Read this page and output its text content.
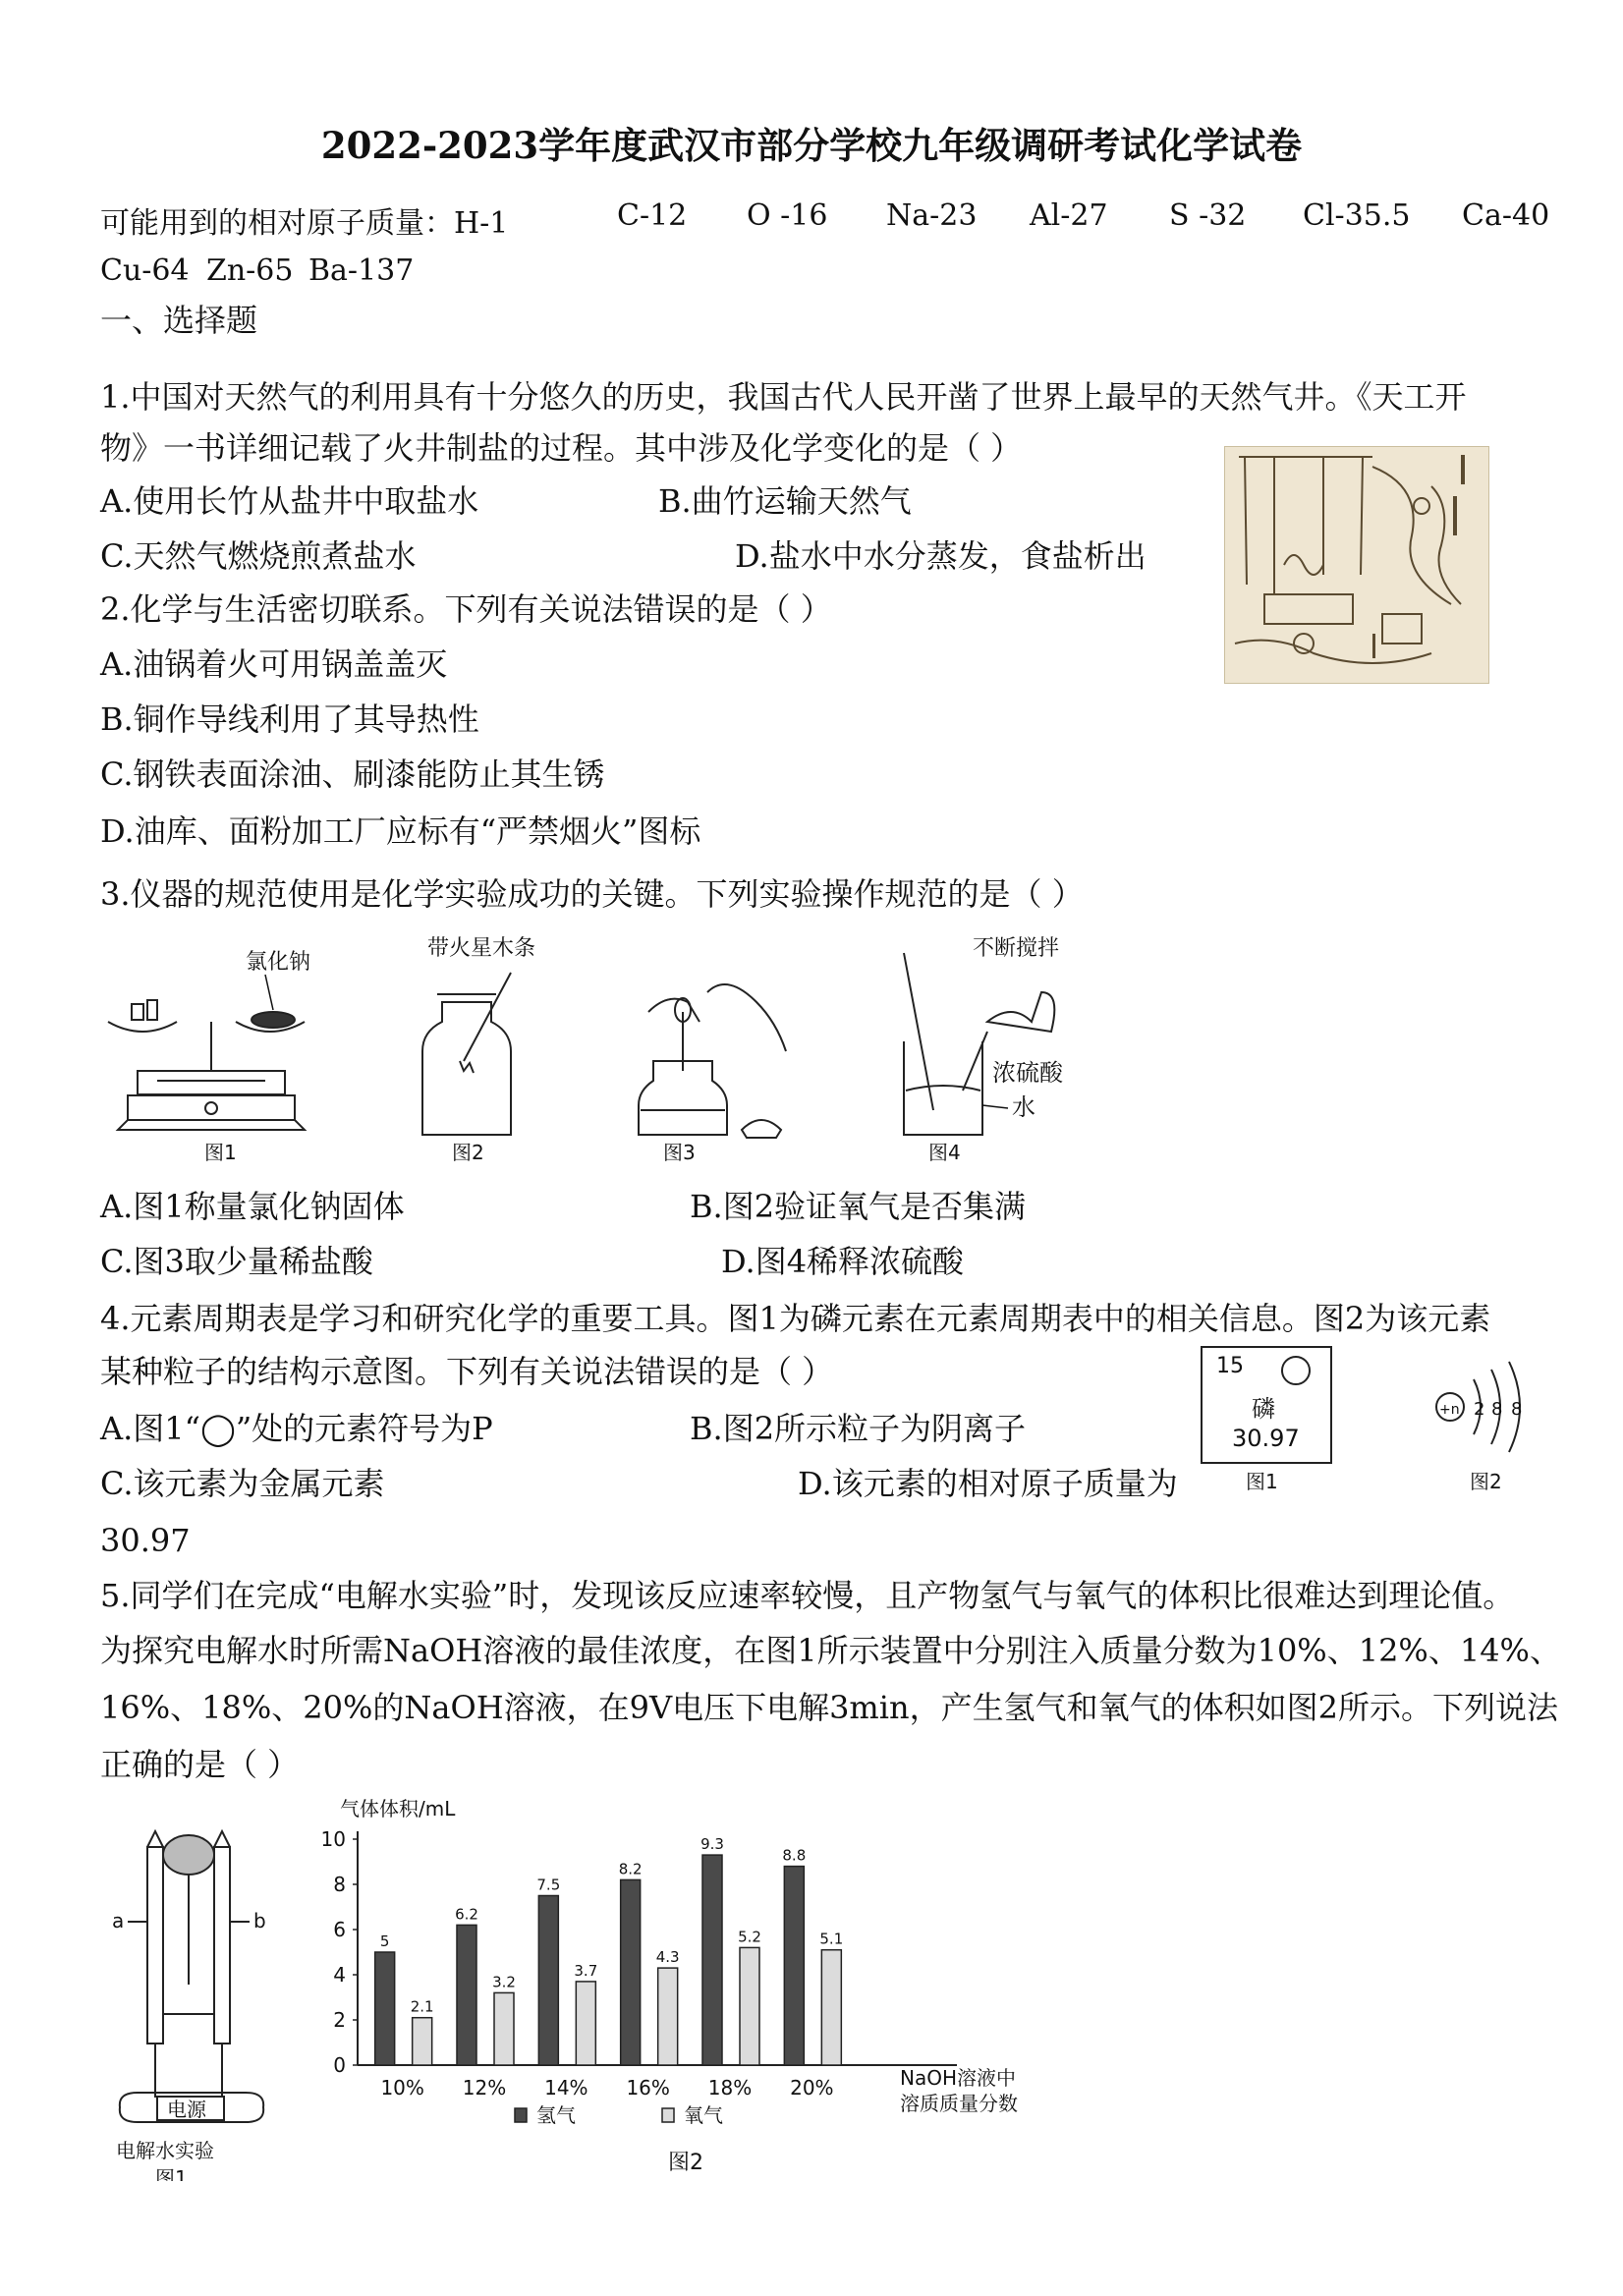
2022-2023学年度武汉市部分学校九年级调研考试化学试卷
可能用到的相对原子质量：H-1	C-12 O -16 Na-23 Al-27 S -32 Cl-35.5 Ca-40
Cu-64 Zn-65 Ba-137
一、选择题
1.中国对天然气的利用具有十分悠久的历史，我国古代人民开凿了世界上最早的天然气井。《天工开
物》一书详细记载了火井制盐的过程。其中涉及化学变化的是（ ）
A.使用长竹从盐井中取盐水	B.曲竹运输天然气
C.天然气燃烧煎煮盐水	D.盐水中水分蒸发，食盐析出
2.化学与生活密切联系。下列有关说法错误的是（ ）
A.油锅着火可用锅盖盖灭
B.铜作导线利用了其导热性
C.钢铁表面涂油、刷漆能防止其生锈
D.油库、面粉加工厂应标有“严禁烟火”图标
3.仪器的规范使用是化学实验成功的关键。下列实验操作规范的是（ ）
氯化钠
图1
带火星木条
图2	图3
不断搅拌
浓硫酸
水
图4
A.图1称量氯化钠固体	B.图2验证氧气是否集满
C.图3取少量稀盐酸	D.图4稀释浓硫酸
4.元素周期表是学习和研究化学的重要工具。图1为磷元素在元素周期表中的相关信息。图2为该元素
某种粒子的结构示意图。下列有关说法错误的是（ ）
A.图1“◯”处的元素符号为P	B.图2所示粒子为阴离子
C.该元素为金属元素	D.该元素的相对原子质量为
30.97
15
磷
30.97
图1
+n 2 8 8
图2
5.同学们在完成“电解水实验”时，发现该反应速率较慢，且产物氢气与氧气的体积比很难达到理论值。
为探究电解水时所需NaOH溶液的最佳浓度，在图1所示装置中分别注入质量分数为10%、12%、14%、
16%、18%、20%的NaOH溶液，在9V电压下电解3min，产生氢气和氧气的体积如图2所示。下列说法
正确的是（ ）
a	b
电源
电解水实验
图1
气体体积/mL
0
2
4
6
8
10
5
2.1
10%
6.2
3.2
12%
7.5
3.7
14%
8.2
4.3
16%
9.3
5.2
18%
8.8
5.1
20%	NaOH溶液中
溶质质量分数
氢气	氧气
图2
